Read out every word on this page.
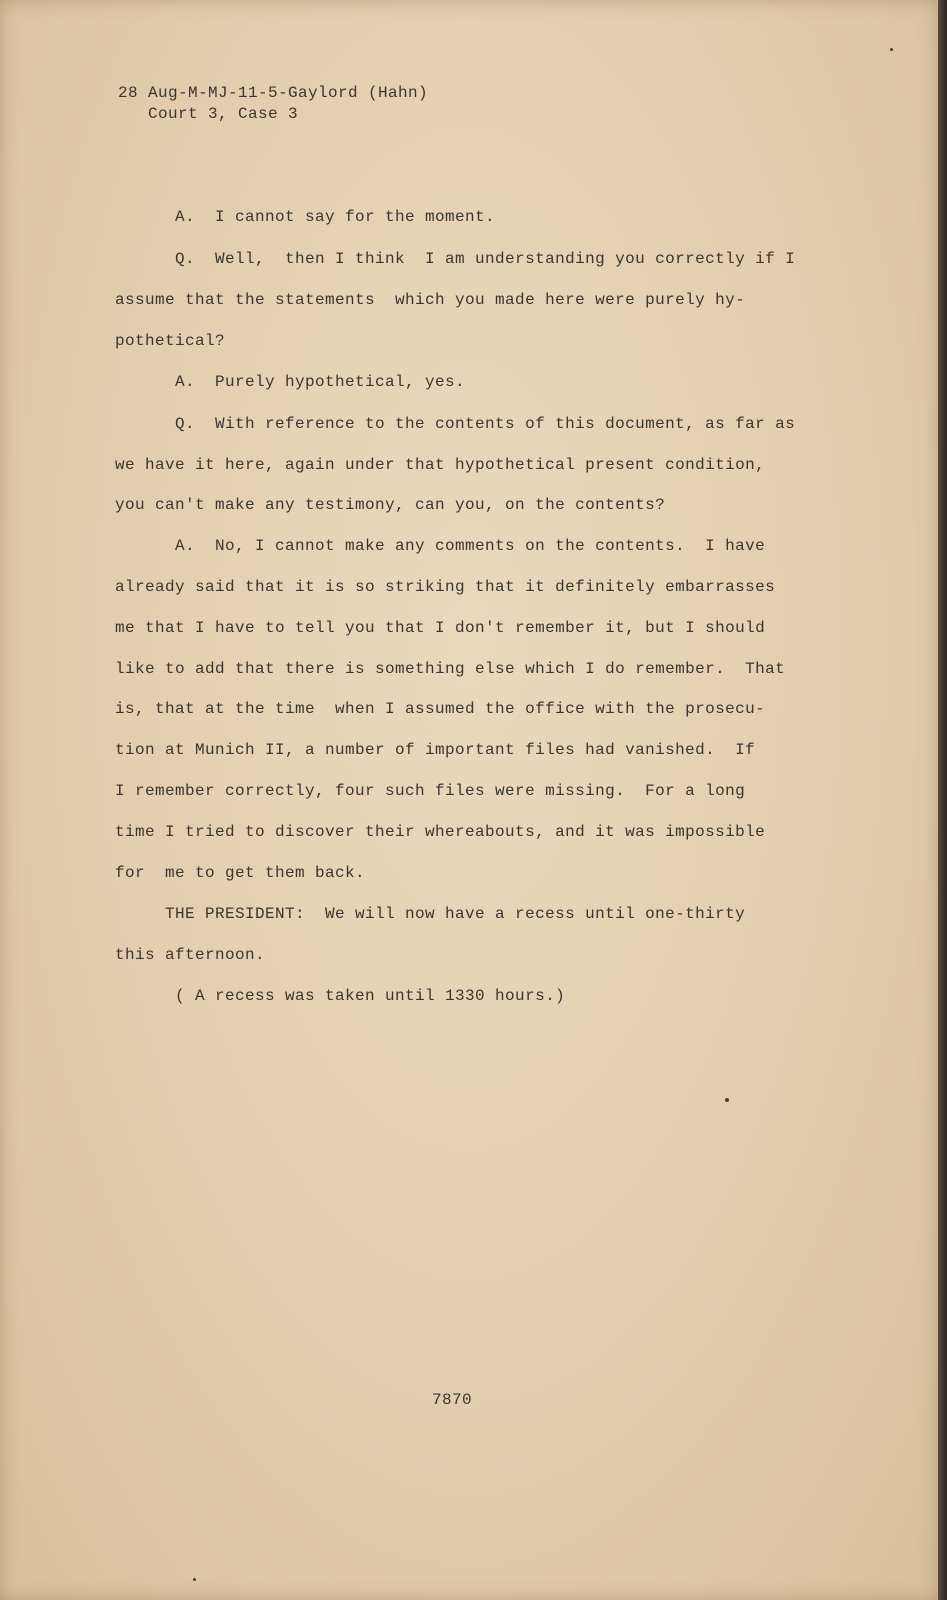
28 Aug-M-MJ-11-5-Gaylord (Hahn)

Court 3, Case 3

A.  I cannot say for the moment.

Q.  Well,  then I think  I am understanding you correctly if I

assume that the statements  which you made here were purely hy-

pothetical?

A.  Purely hypothetical, yes.

Q.  With reference to the contents of this document, as far as

we have it here, again under that hypothetical present condition,

you can't make any testimony, can you, on the contents?

A.  No, I cannot make any comments on the contents.  I have

already said that it is so striking that it definitely embarrasses

me that I have to tell you that I don't remember it, but I should

like to add that there is something else which I do remember.  That

is, that at the time  when I assumed the office with the prosecu-

tion at Munich II, a number of important files had vanished.  If

I remember correctly, four such files were missing.  For a long

time I tried to discover their whereabouts, and it was impossible

for  me to get them back.

THE PRESIDENT:  We will now have a recess until one-thirty

this afternoon.

( A recess was taken until 1330 hours.)

7870
